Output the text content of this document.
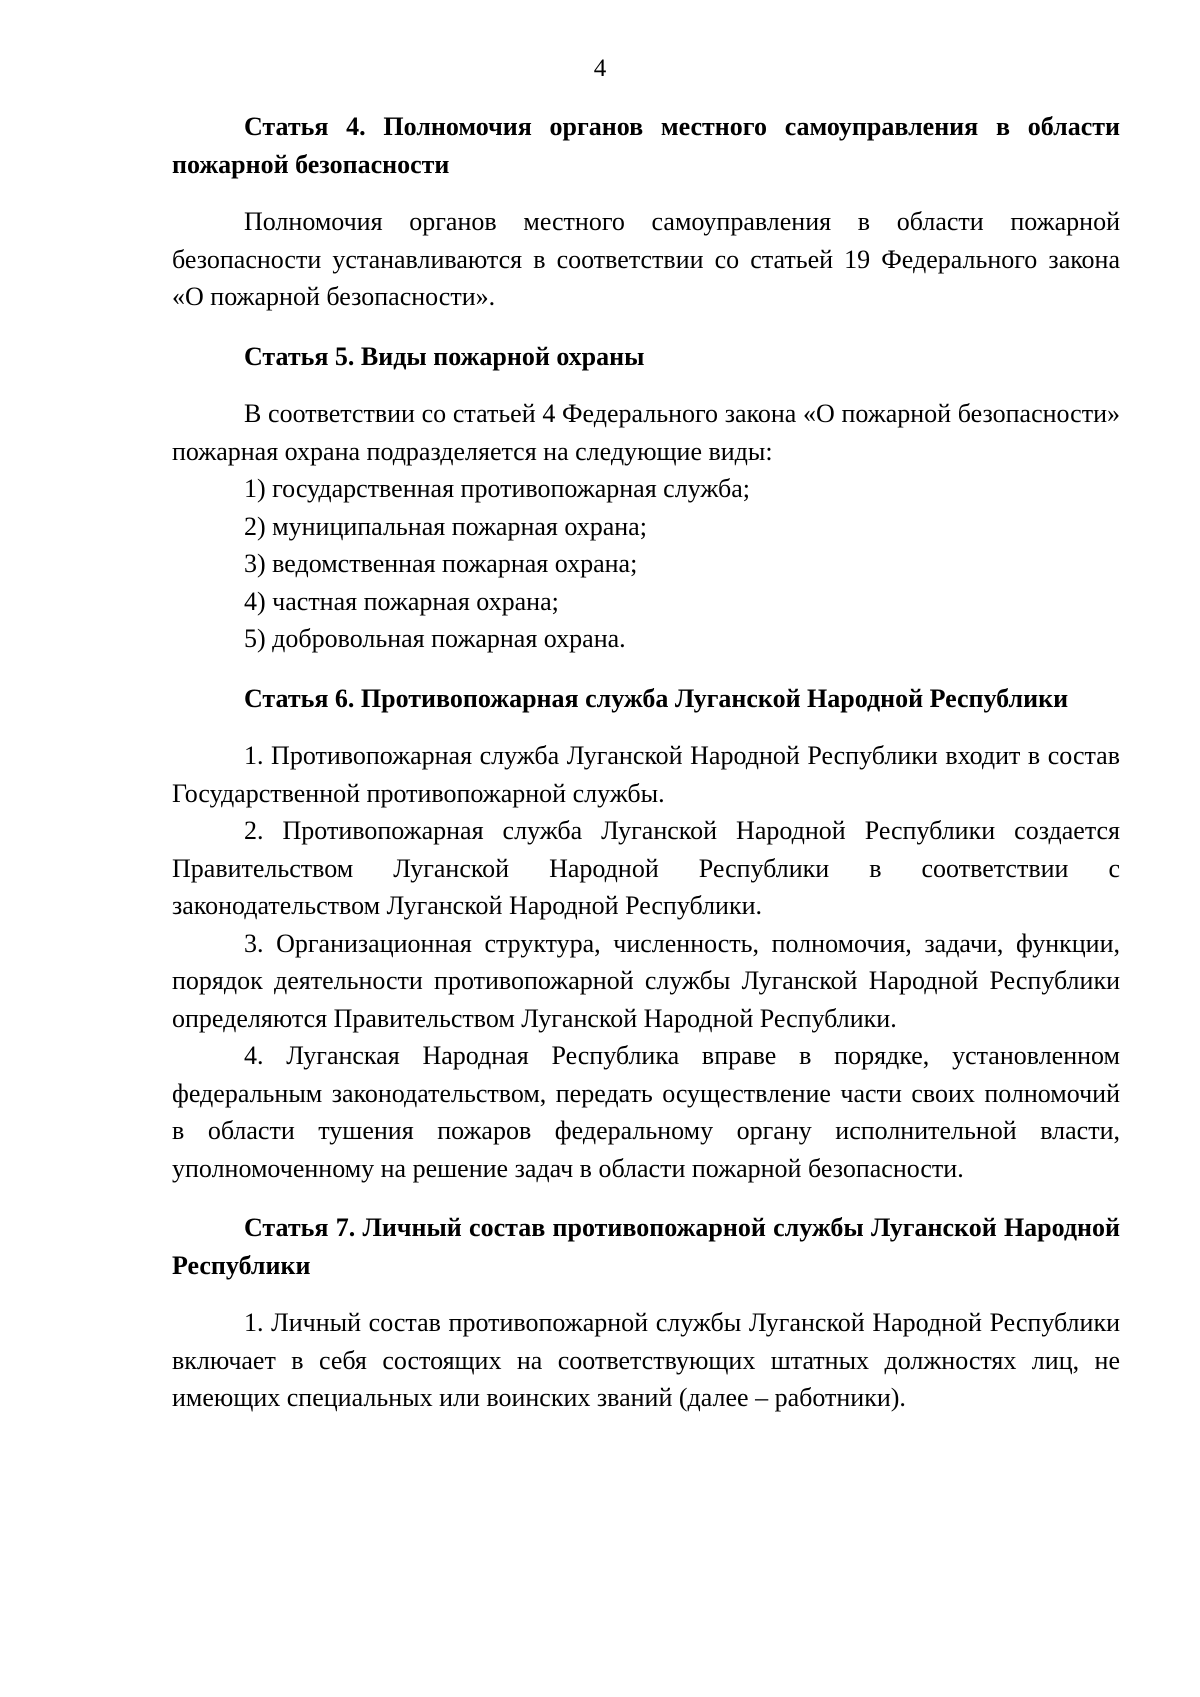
4

Статья 4. Полномочия органов местного самоуправления в области пожарной безопасности

Полномочия органов местного самоуправления в области пожарной безопасности устанавливаются в соответствии со статьей 19 Федерального закона «О пожарной безопасности».

Статья 5. Виды пожарной охраны

В соответствии со статьей 4 Федерального закона «О пожарной безопасности» пожарная охрана подразделяется на следующие виды:

1) государственная противопожарная служба;

2) муниципальная пожарная охрана;

3) ведомственная пожарная охрана;

4) частная пожарная охрана;

5) добровольная пожарная охрана.

Статья 6. Противопожарная служба Луганской Народной Республики

1. Противопожарная служба Луганской Народной Республики входит в состав Государственной противопожарной службы.

2. Противопожарная служба Луганской Народной Республики создается Правительством Луганской Народной Республики в соответствии с законодательством Луганской Народной Республики.

3. Организационная структура, численность, полномочия, задачи, функции, порядок деятельности противопожарной службы Луганской Народной Республики определяются Правительством Луганской Народной Республики.

4. Луганская Народная Республика вправе в порядке, установленном федеральным законодательством, передать осуществление части своих полномочий в области тушения пожаров федеральному органу исполнительной власти, уполномоченному на решение задач в области пожарной безопасности.

Статья 7. Личный состав противопожарной службы Луганской Народной Республики

1. Личный состав противопожарной службы Луганской Народной Республики включает в себя состоящих на соответствующих штатных должностях лиц, не имеющих специальных или воинских званий (далее – работники).
